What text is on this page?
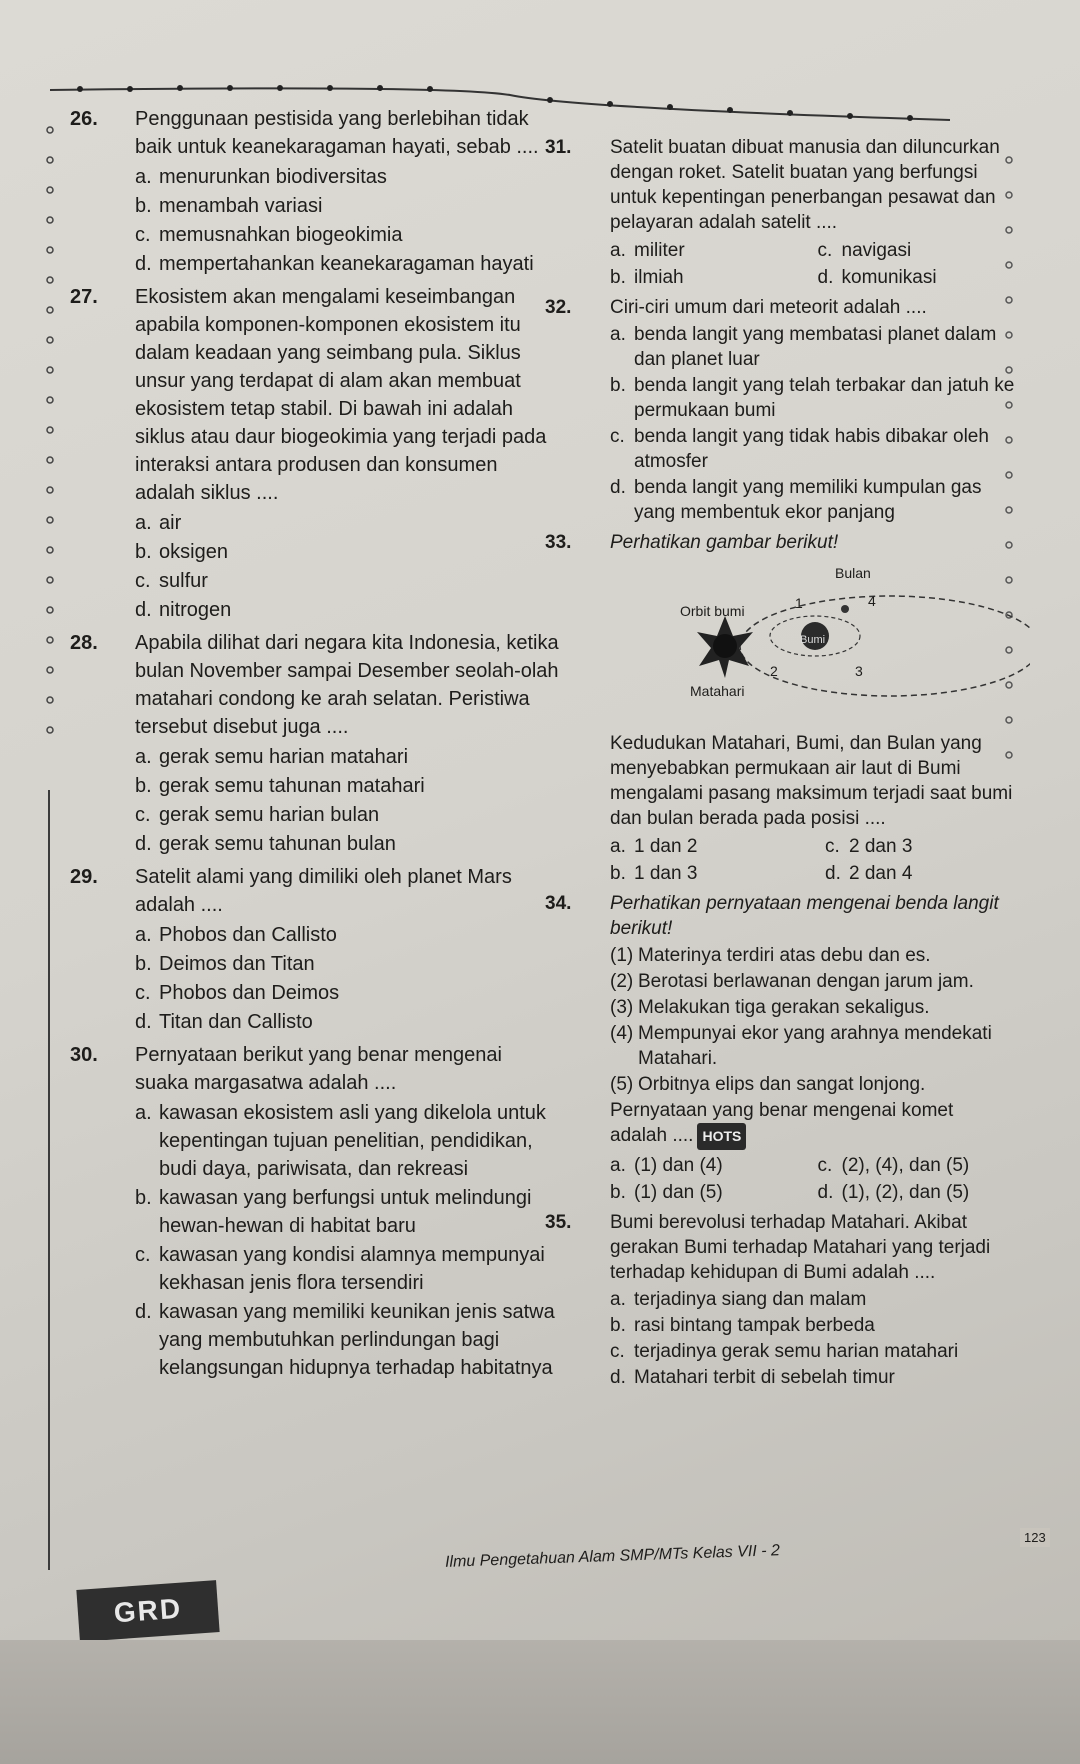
26.	Penggunaan pestisida yang berlebihan tidak baik untuk keanekaragaman hayati, sebab ....

a. menurunkan biodiversitas
b. menambah variasi
c. memusnahkan biogeokimia
d. mempertahankan keanekaragaman hayati
27.	Ekosistem akan mengalami keseimbangan apabila komponen-komponen ekosistem itu dalam keadaan yang seimbang pula. Siklus unsur yang terdapat di alam akan membuat ekosistem tetap stabil. Di bawah ini adalah siklus atau daur biogeokimia yang terjadi pada interaksi antara produsen dan konsumen adalah siklus ....

a. air
b. oksigen
c. sulfur
d. nitrogen
28.	Apabila dilihat dari negara kita Indonesia, ketika bulan November sampai Desember seolah-olah matahari condong ke arah selatan. Peristiwa tersebut disebut juga ....

a. gerak semu harian matahari
b. gerak semu tahunan matahari
c. gerak semu harian bulan
d. gerak semu tahunan bulan
29.	Satelit alami yang dimiliki oleh planet Mars adalah ....

a. Phobos dan Callisto
b. Deimos dan Titan
c. Phobos dan Deimos
d. Titan dan Callisto
30.	Pernyataan berikut yang benar mengenai suaka margasatwa adalah ....

a. kawasan ekosistem asli yang dikelola untuk kepentingan tujuan penelitian, pendidikan, budi daya, pariwisata, dan rekreasi
b. kawasan yang berfungsi untuk melindungi hewan-hewan di habitat baru
c. kawasan yang kondisi alamnya mempunyai kekhasan jenis flora tersendiri
d. kawasan yang memiliki keunikan jenis satwa yang membutuhkan perlindungan bagi kelangsungan hidupnya terhadap habitatnya
31.	Satelit buatan dibuat manusia dan diluncurkan dengan roket. Satelit buatan yang berfungsi untuk kepentingan penerbangan pesawat dan pelayaran adalah satelit ....

a. militer	c. navigasi
b. ilmiah	d. komunikasi
32.	Ciri-ciri umum dari meteorit adalah ....

a. benda langit yang membatasi planet dalam dan planet luar
b. benda langit yang telah terbakar dan jatuh ke permukaan bumi
c. benda langit yang tidak habis dibakar oleh atmosfer
d. benda langit yang memiliki kumpulan gas yang membentuk ekor panjang
33.	Perhatikan gambar berikut!

Bulan
Orbit bumi
Bumi
Matahari
1
2	3
4

Kedudukan Matahari, Bumi, dan Bulan yang menyebabkan permukaan air laut di Bumi mengalami pasang maksimum terjadi saat bumi dan bulan berada pada posisi ....

a. 1 dan 2	c. 2 dan 3
b. 1 dan 3	d. 2 dan 4
34.	Perhatikan pernyataan mengenai benda langit berikut!

(1) Materinya terdiri atas debu dan es.
(2) Berotasi berlawanan dengan jarum jam.
(3) Melakukan tiga gerakan sekaligus.
(4) Mempunyai ekor yang arahnya mendekati Matahari.
(5) Orbitnya elips dan sangat lonjong.

Pernyataan yang benar mengenai komet adalah .... HOTS

a. (1) dan (4)	c. (2), (4), dan (5)
b. (1) dan (5)	d. (1), (2), dan (5)
35.	Bumi berevolusi terhadap Matahari. Akibat gerakan Bumi terhadap Matahari yang terjadi terhadap kehidupan di Bumi adalah ....

a. terjadinya siang dan malam
b. rasi bintang tampak berbeda
c. terjadinya gerak semu harian matahari
d. Matahari terbit di sebelah timur
Ilmu Pengetahuan Alam SMP/MTs Kelas VII - 2
123
GRD
